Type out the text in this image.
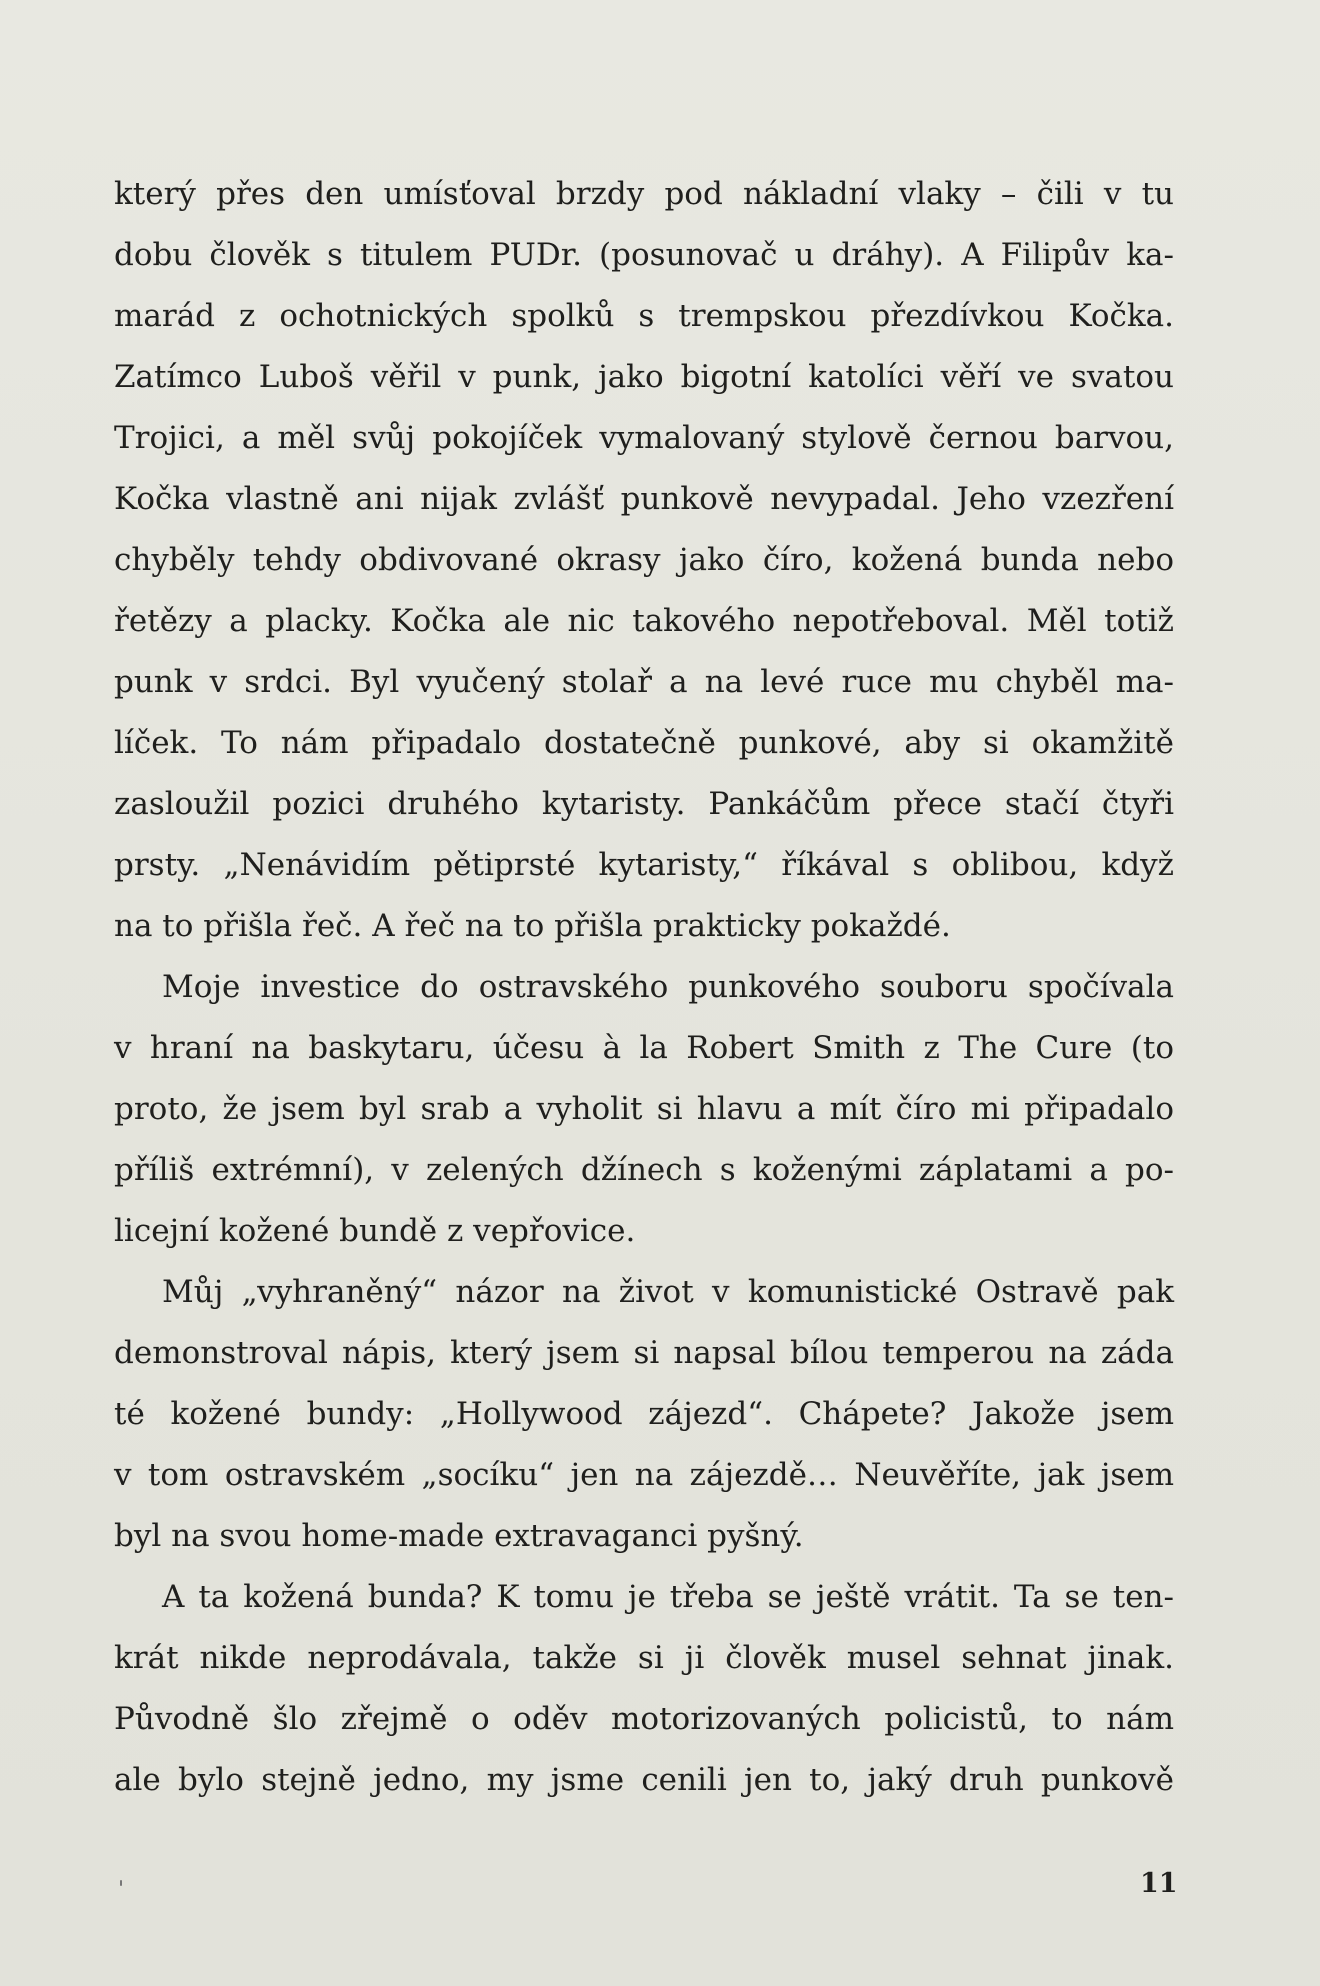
který přes den umísťoval brzdy pod nákladní vlaky – čili v tu
dobu člověk s titulem PUDr. (posunovač u dráhy). A Filipův ka-
marád z ochotnických spolků s trempskou přezdívkou Kočka.
Zatímco Luboš věřil v punk, jako bigotní katolíci věří ve svatou
Trojici, a měl svůj pokojíček vymalovaný stylově černou barvou,
Kočka vlastně ani nijak zvlášť punkově nevypadal. Jeho vzezření
chyběly tehdy obdivované okrasy jako číro, kožená bunda nebo
řetězy a placky. Kočka ale nic takového nepotřeboval. Měl totiž
punk v srdci. Byl vyučený stolař a na levé ruce mu chyběl ma-
líček. To nám připadalo dostatečně punkové, aby si okamžitě
zasloužil pozici druhého kytaristy. Pankáčům přece stačí čtyři
prsty. „Nenávidím pětiprsté kytaristy,“ říkával s oblibou, když
na to přišla řeč. A řeč na to přišla prakticky pokaždé.
Moje investice do ostravského punkového souboru spočívala
v hraní na baskytaru, účesu à la Robert Smith z The Cure (to
proto, že jsem byl srab a vyholit si hlavu a mít číro mi připadalo
příliš extrémní), v zelených džínech s koženými záplatami a po-
licejní kožené bundě z vepřovice.
Můj „vyhraněný“ názor na život v komunistické Ostravě pak
demonstroval nápis, který jsem si napsal bílou temperou na záda
té kožené bundy: „Hollywood zájezd“. Chápete? Jakože jsem
v tom ostravském „socíku“ jen na zájezdě… Neuvěříte, jak jsem
byl na svou home-made extravaganci pyšný.
A ta kožená bunda? K tomu je třeba se ještě vrátit. Ta se ten-
krát nikde neprodávala, takže si ji člověk musel sehnat jinak.
Původně šlo zřejmě o oděv motorizovaných policistů, to nám
ale bylo stejně jedno, my jsme cenili jen to, jaký druh punkově
11
